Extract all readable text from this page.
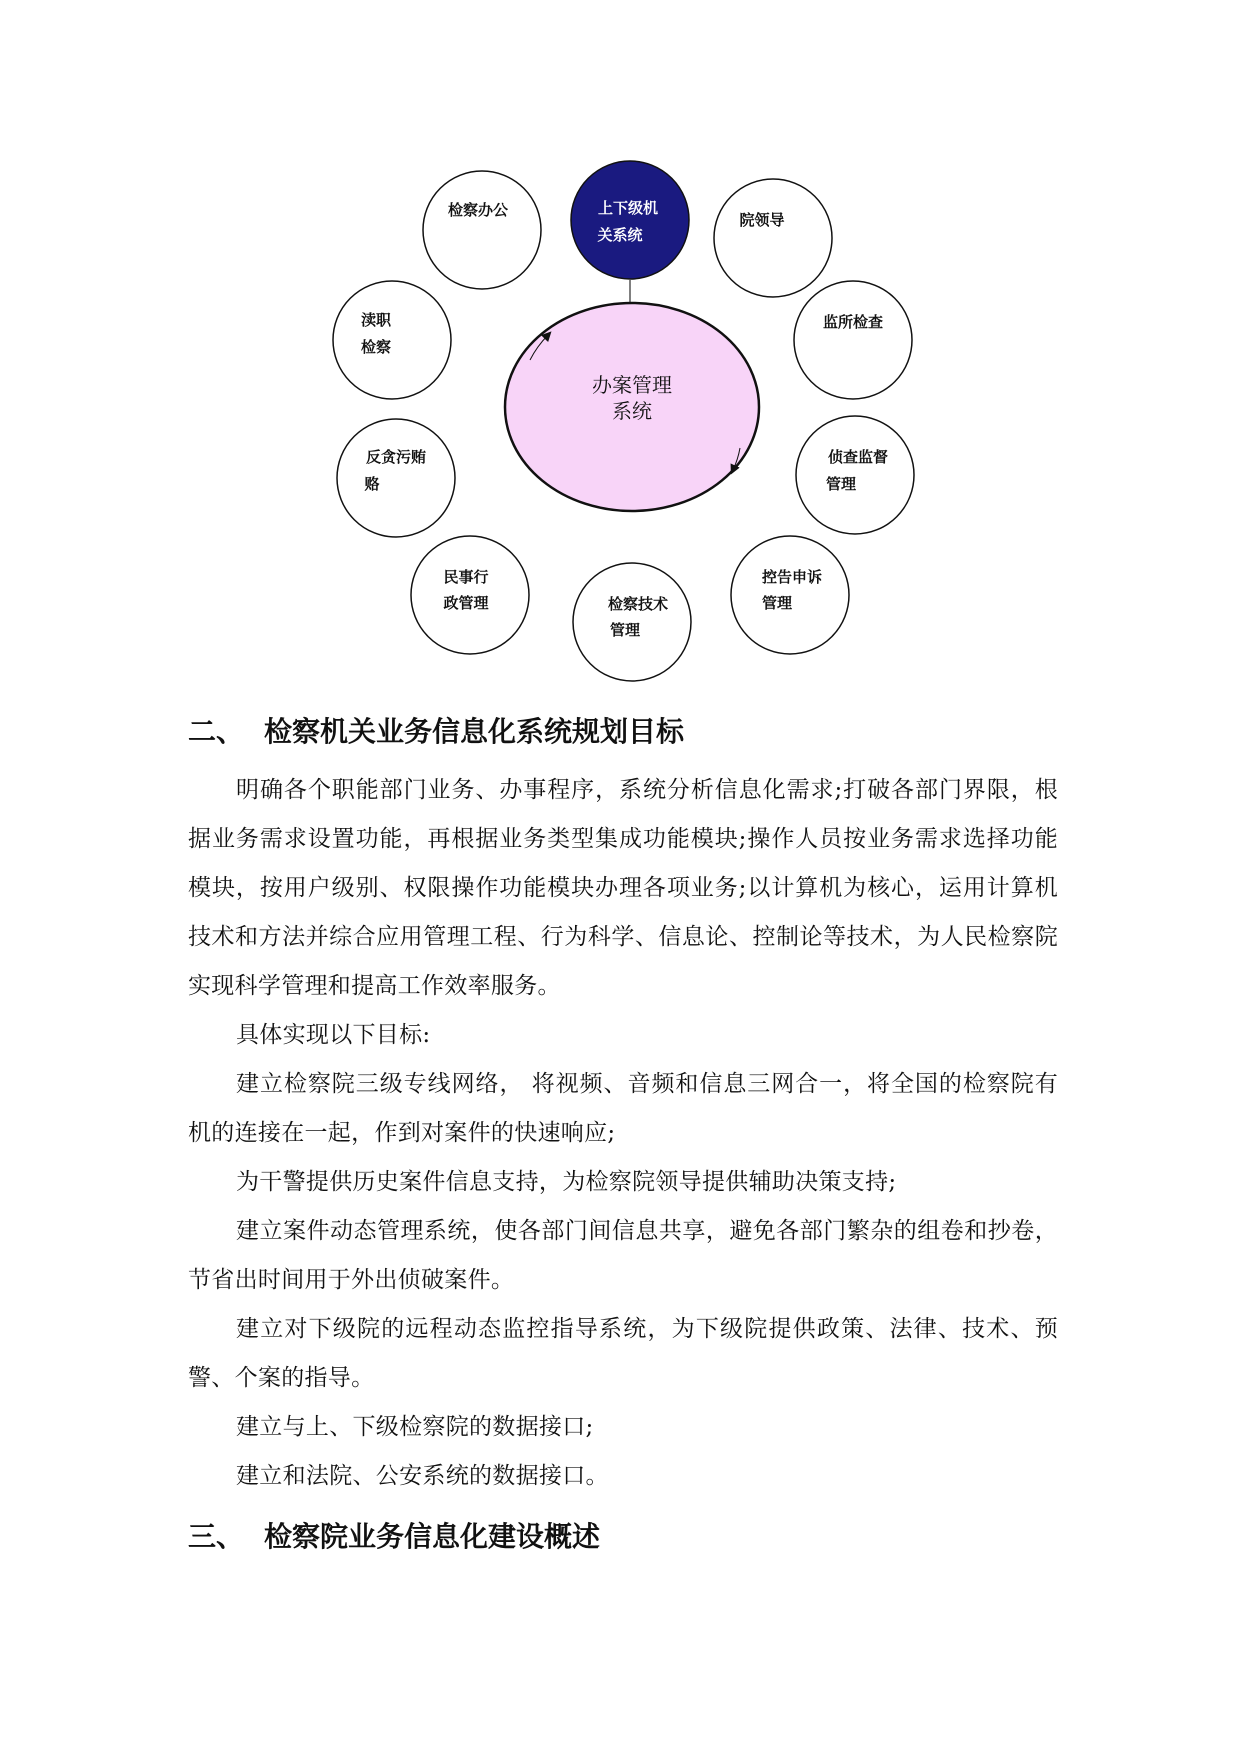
办案管理
系统
上下级机
关系统
检察办公
院领导
渎职
检察
监所检查
反贪污贿
赂
侦查监督
管理
民事行
政管理
控告申诉
管理
检察技术
管理
二、 检察机关业务信息化系统规划目标

明确各个职能部门业务、办事程序，系统分析信息化需求;打破各部门界限，根据业务需求设置功能，再根据业务类型集成功能模块;操作人员按业务需求选择功能模块，按用户级别、权限操作功能模块办理各项业务;以计算机为核心，运用计算机技术和方法并综合应用管理工程、行为科学、信息论、控制论等技术，为人民检察院实现科学管理和提高工作效率服务。

具体实现以下目标:

建立检察院三级专线网络， 将视频、音频和信息三网合一，将全国的检察院有机的连接在一起，作到对案件的快速响应;

为干警提供历史案件信息支持，为检察院领导提供辅助决策支持;

建立案件动态管理系统，使各部门间信息共享，避免各部门繁杂的组卷和抄卷，节省出时间用于外出侦破案件。

建立对下级院的远程动态监控指导系统，为下级院提供政策、法律、技术、预警、个案的指导。

建立与上、下级检察院的数据接口;

建立和法院、公安系统的数据接口。

三、 检察院业务信息化建设概述
